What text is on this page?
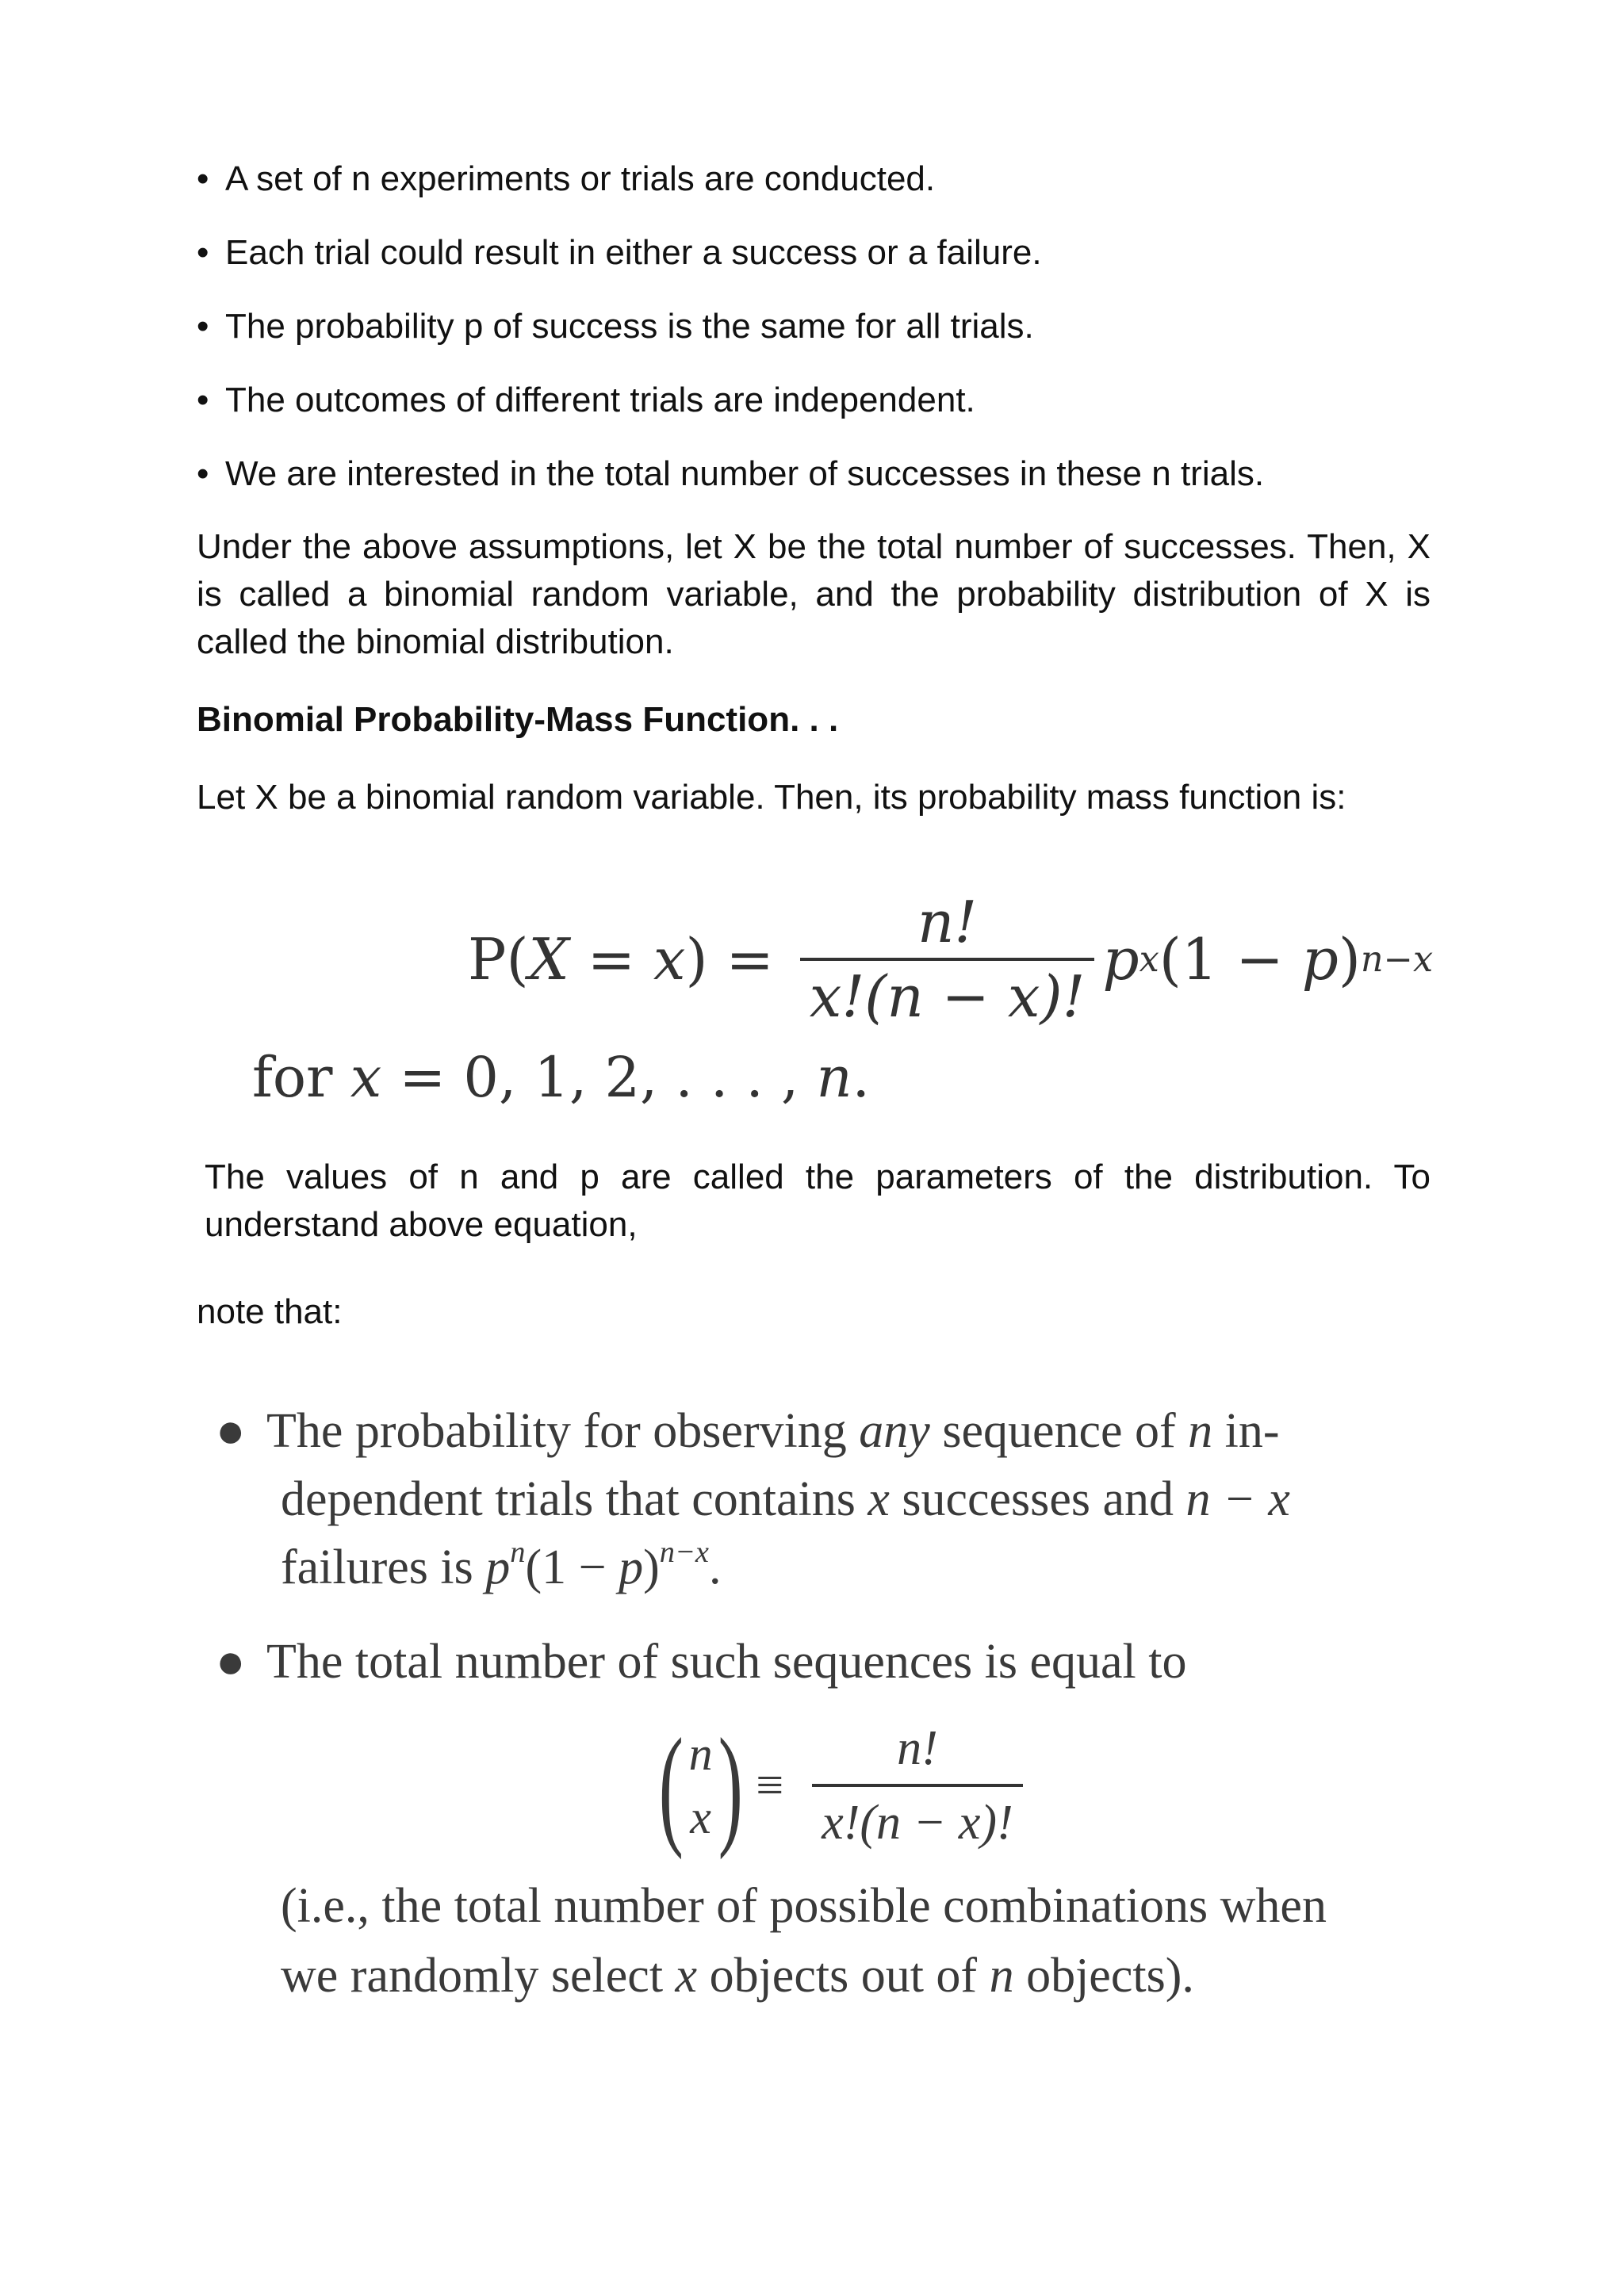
• A set of n experiments or trials are conducted.
• Each trial could result in either a success or a failure.
• The probability p of success is the same for all trials.
• The outcomes of different trials are independent.
• We are interested in the total number of successes in these n trials.
Under the above assumptions, let X be the total number of successes. Then, X is called a binomial random variable, and the probability distribution of X is called the binomial distribution.
Binomial Probability-Mass Function. . .
Let X be a binomial random variable. Then, its probability mass function is:
P( X = x ) = $\frac{n!}{x!(n - x)!}$ p x (1 − p ) n−x
for x = 0, 1, 2, . . . , n.
The values of n and p are called the parameters of the distribution. To understand above equation,
note that:
● The probability for observing any sequence of n in-
dependent trials that contains x successes and n − x
failures is $p^n(1 - p)^{n-x}$.
● The total number of such sequences is equal to
( n
x ) ≡ $\frac{n!}{x!(n - x)!}$
(i.e., the total number of possible combinations when
we randomly select x objects out of n objects).
